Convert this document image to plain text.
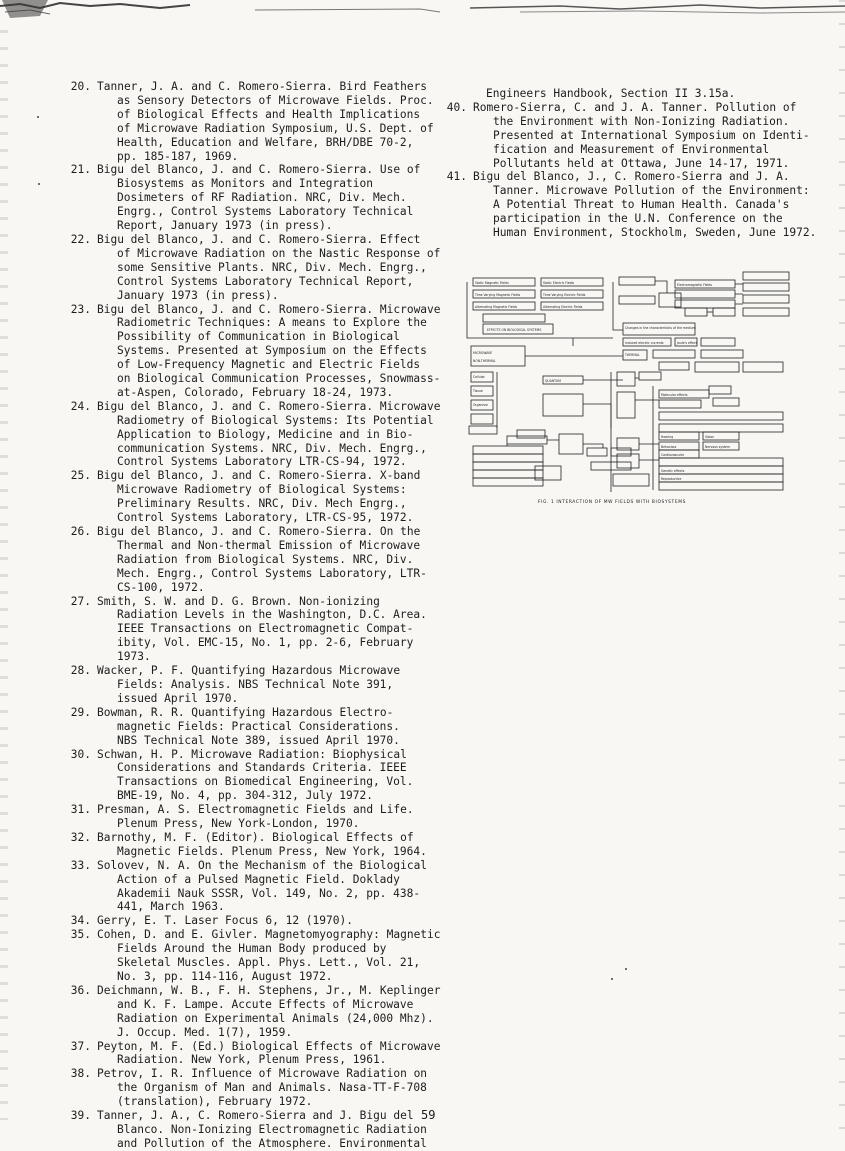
20. Tanner, J. A. and C. Romero-Sierra. Bird Feathers
as Sensory Detectors of Microwave Fields. Proc.
of Biological Effects and Health Implications
of Microwave Radiation Symposium, U.S. Dept. of
Health, Education and Welfare, BRH/DBE 70-2,
pp. 185-187, 1969.
21. Bigu del Blanco, J. and C. Romero-Sierra. Use of
Biosystems as Monitors and Integration
Dosimeters of RF Radiation. NRC, Div. Mech.
Engrg., Control Systems Laboratory Technical
Report, January 1973 (in press).
22. Bigu del Blanco, J. and C. Romero-Sierra. Effect
of Microwave Radiation on the Nastic Response of
some Sensitive Plants. NRC, Div. Mech. Engrg.,
Control Systems Laboratory Technical Report,
January 1973 (in press).
23. Bigu del Blanco, J. and C. Romero-Sierra. Microwave
Radiometric Techniques: A means to Explore the
Possibility of Communication in Biological
Systems. Presented at Symposium on the Effects
of Low-Frequency Magnetic and Electric Fields
on Biological Communication Processes, Snowmass-
at-Aspen, Colorado, February 18-24, 1973.
24. Bigu del Blanco, J. and C. Romero-Sierra. Microwave
Radiometry of Biological Systems: Its Potential
Application to Biology, Medicine and in Bio-
communication Systems. NRC, Div. Mech. Engrg.,
Control Systems Laboratory LTR-CS-94, 1972.
25. Bigu del Blanco, J. and C. Romero-Sierra. X-band
Microwave Radiometry of Biological Systems:
Preliminary Results. NRC, Div. Mech Engrg.,
Control Systems Laboratory, LTR-CS-95, 1972.
26. Bigu del Blanco, J. and C. Romero-Sierra. On the
Thermal and Non-thermal Emission of Microwave
Radiation from Biological Systems. NRC, Div.
Mech. Engrg., Control Systems Laboratory, LTR-
CS-100, 1972.
27. Smith, S. W. and D. G. Brown. Non-ionizing
Radiation Levels in the Washington, D.C. Area.
IEEE Transactions on Electromagnetic Compat-
ibity, Vol. EMC-15, No. 1, pp. 2-6, February
1973.
28. Wacker, P. F. Quantifying Hazardous Microwave
Fields: Analysis. NBS Technical Note 391,
issued April 1970.
29. Bowman, R. R. Quantifying Hazardous Electro-
magnetic Fields: Practical Considerations.
NBS Technical Note 389, issued April 1970.
30. Schwan, H. P. Microwave Radiation: Biophysical
Considerations and Standards Criteria. IEEE
Transactions on Biomedical Engineering, Vol.
BME-19, No. 4, pp. 304-312, July 1972.
31. Presman, A. S. Electromagnetic Fields and Life.
Plenum Press, New York-London, 1970.
32. Barnothy, M. F. (Editor). Biological Effects of
Magnetic Fields. Plenum Press, New York, 1964.
33. Solovev, N. A. On the Mechanism of the Biological
Action of a Pulsed Magnetic Field. Doklady
Akademii Nauk SSSR, Vol. 149, No. 2, pp. 438-
441, March 1963.
34. Gerry, E. T. Laser Focus 6, 12 (1970).
35. Cohen, D. and E. Givler. Magnetomyography: Magnetic
Fields Around the Human Body produced by
Skeletal Muscles. Appl. Phys. Lett., Vol. 21,
No. 3, pp. 114-116, August 1972.
36. Deichmann, W. B., F. H. Stephens, Jr., M. Keplinger
and K. F. Lampe. Accute Effects of Microwave
Radiation on Experimental Animals (24,000 Mhz).
J. Occup. Med. 1(7), 1959.
37. Peyton, M. F. (Ed.) Biological Effects of Microwave
Radiation. New York, Plenum Press, 1961.
38. Petrov, I. R. Influence of Microwave Radiation on
the Organism of Man and Animals. Nasa-TT-F-708
(translation), February 1972.
39. Tanner, J. A., C. Romero-Sierra and J. Bigu del
Blanco. Non-Ionizing Electromagnetic Radiation
and Pollution of the Atmosphere. Environmental
Engineers Handbook, Section II 3.15a.
40. Romero-Sierra, C. and J. A. Tanner. Pollution of
the Environment with Non-Ionizing Radiation.
Presented at International Symposium on Identi-
fication and Measurement of Environmental
Pollutants held at Ottawa, June 14-17, 1971.
41. Bigu del Blanco, J., C. Romero-Sierra and J. A.
Tanner. Microwave Pollution of the Environment:
A Potential Threat to Human Health. Canada's
participation in the U.N. Conference on the
Human Environment, Stockholm, Sweden, June 1972.
Static Magnetic Fields	Static Electric Fields
Time Varying Magnetic Fields	Time Varying Electric Fields
Alternating Magnetic Fields	Alternating Electric Fields
Electromagnetic Fields
EFFECTS ON BIOLOGICAL SYSTEMS
MICROWAVE	THERMAL
NON-THERMAL
QUANTUM
Changes in the characteristics of the medium
Induced electric currents	Joule's effect
Molecular effects
Cellular
Tissue
Organism
Hearing	Vision
Behaviour	Nervous system
Cardiovascular
Genetic effects
Reproductive
FIG. 1 INTERACTION OF MW FIELDS WITH BIOSYSTEMS
59
